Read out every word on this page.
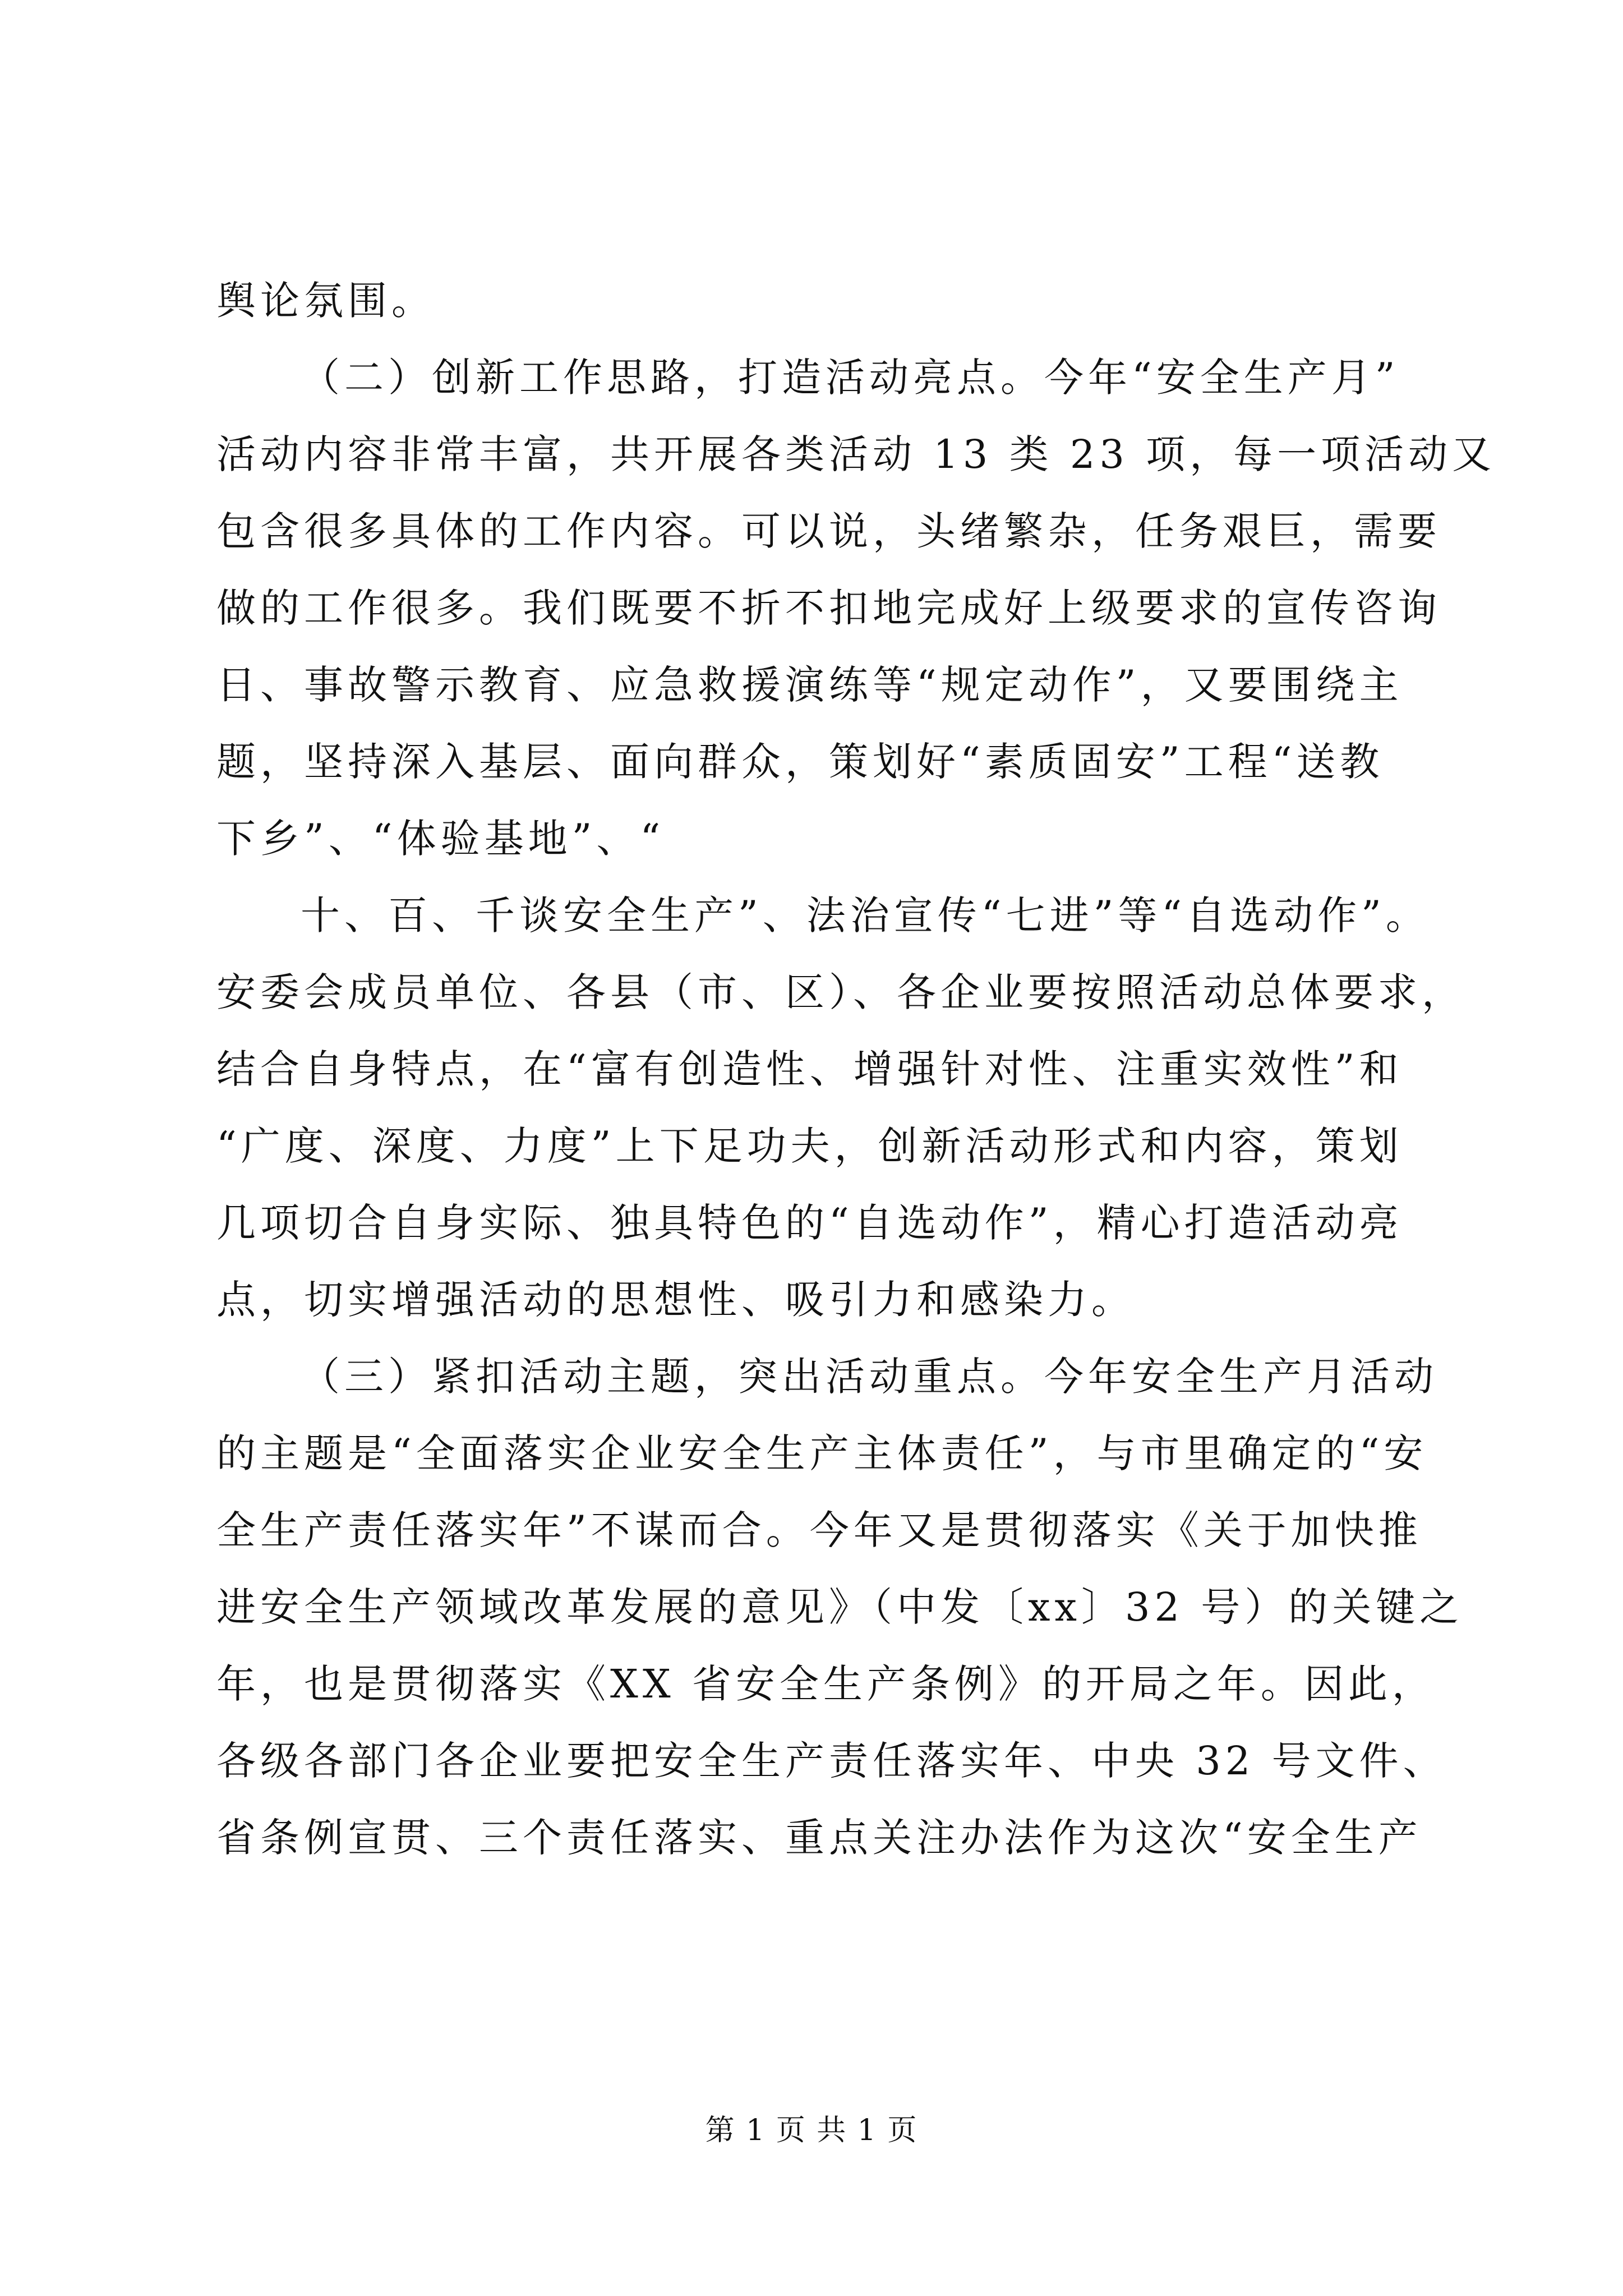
舆论氛围。
（二）创新工作思路，打造活动亮点。今年“安全生产月”
活动内容非常丰富，共开展各类活动 13 类 23 项，每一项活动又
包含很多具体的工作内容。可以说，头绪繁杂，任务艰巨，需要
做的工作很多。我们既要不折不扣地完成好上级要求的宣传咨询
日、事故警示教育、应急救援演练等“规定动作”，又要围绕主
题，坚持深入基层、面向群众，策划好“素质固安”工程“送教
下乡”、“体验基地”、“
十、百、千谈安全生产”、法治宣传“七进”等“自选动作”。
安委会成员单位、各县（市、区）、各企业要按照活动总体要求，
结合自身特点，在“富有创造性、增强针对性、注重实效性”和
“广度、深度、力度”上下足功夫，创新活动形式和内容，策划
几项切合自身实际、独具特色的“自选动作”，精心打造活动亮
点，切实增强活动的思想性、吸引力和感染力。
（三）紧扣活动主题，突出活动重点。今年安全生产月活动
的主题是“全面落实企业安全生产主体责任”，与市里确定的“安
全生产责任落实年”不谋而合。今年又是贯彻落实《关于加快推
进安全生产领域改革发展的意见》（中发〔xx〕32 号）的关键之
年，也是贯彻落实《XX 省安全生产条例》的开局之年。因此，
各级各部门各企业要把安全生产责任落实年、中央 32 号文件、
省条例宣贯、三个责任落实、重点关注办法作为这次“安全生产
第 1 页 共 1 页
